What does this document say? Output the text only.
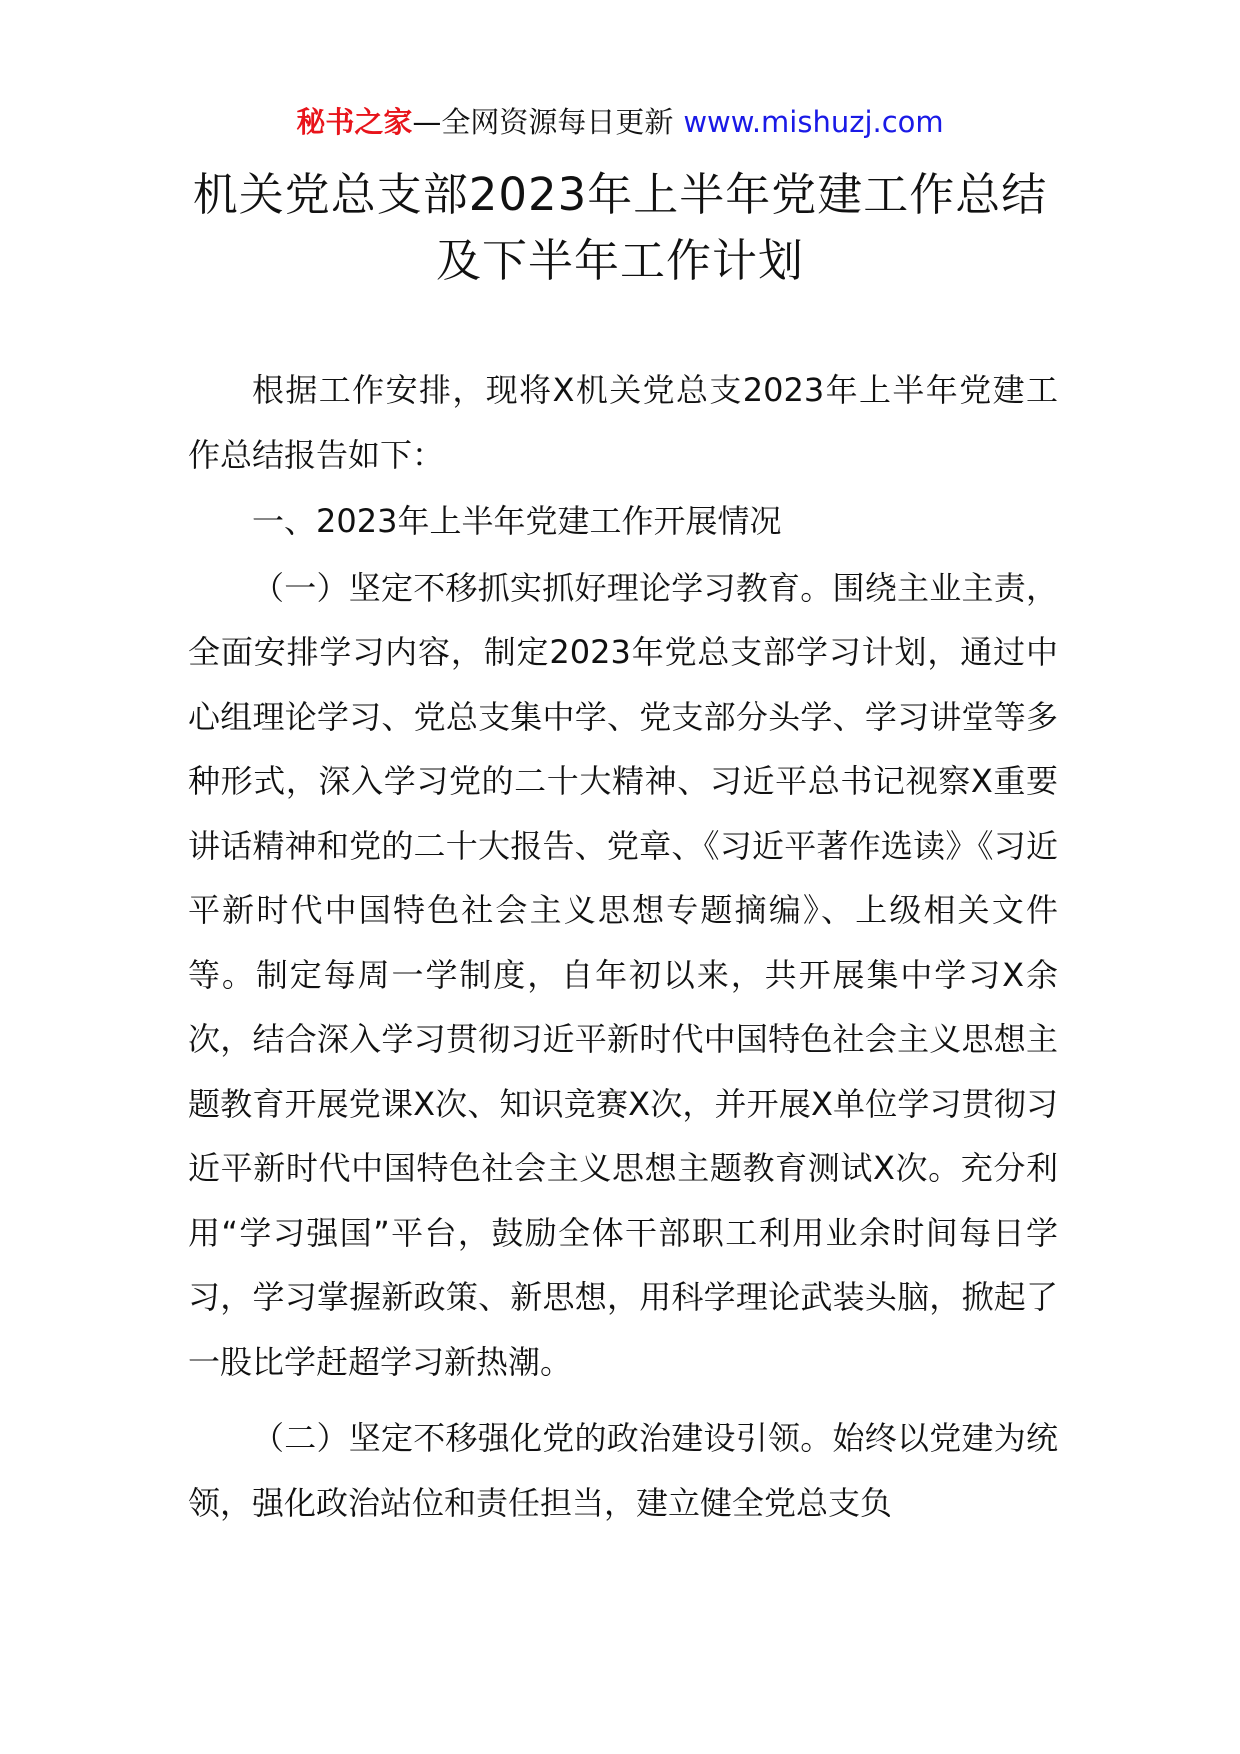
秘书之家—全网资源每日更新 www.mishuzj.com
机关党总支部2023年上半年党建工作总结
及下半年工作计划

根据工作安排，现将X机关党总支2023年上半年党建工作总结报告如下：

一、2023年上半年党建工作开展情况

（一）坚定不移抓实抓好理论学习教育。围绕主业主责，全面安排学习内容，制定2023年党总支部学习计划，通过中心组理论学习、党总支集中学、党支部分头学、学习讲堂等多种形式，深入学习党的二十大精神、习近平总书记视察X重要讲话精神和党的二十大报告、党章、《习近平著作选读》《习近平新时代中国特色社会主义思想专题摘编》、上级相关文件等。制定每周一学制度，自年初以来，共开展集中学习X余次，结合深入学习贯彻习近平新时代中国特色社会主义思想主题教育开展党课X次、知识竞赛X次，并开展X单位学习贯彻习近平新时代中国特色社会主义思想主题教育测试X次。充分利用“学习强国”平台，鼓励全体干部职工利用业余时间每日学习，学习掌握新政策、新思想，用科学理论武装头脑，掀起了一股比学赶超学习新热潮。

（二）坚定不移强化党的政治建设引领。始终以党建为统领，强化政治站位和责任担当，建立健全党总支负
